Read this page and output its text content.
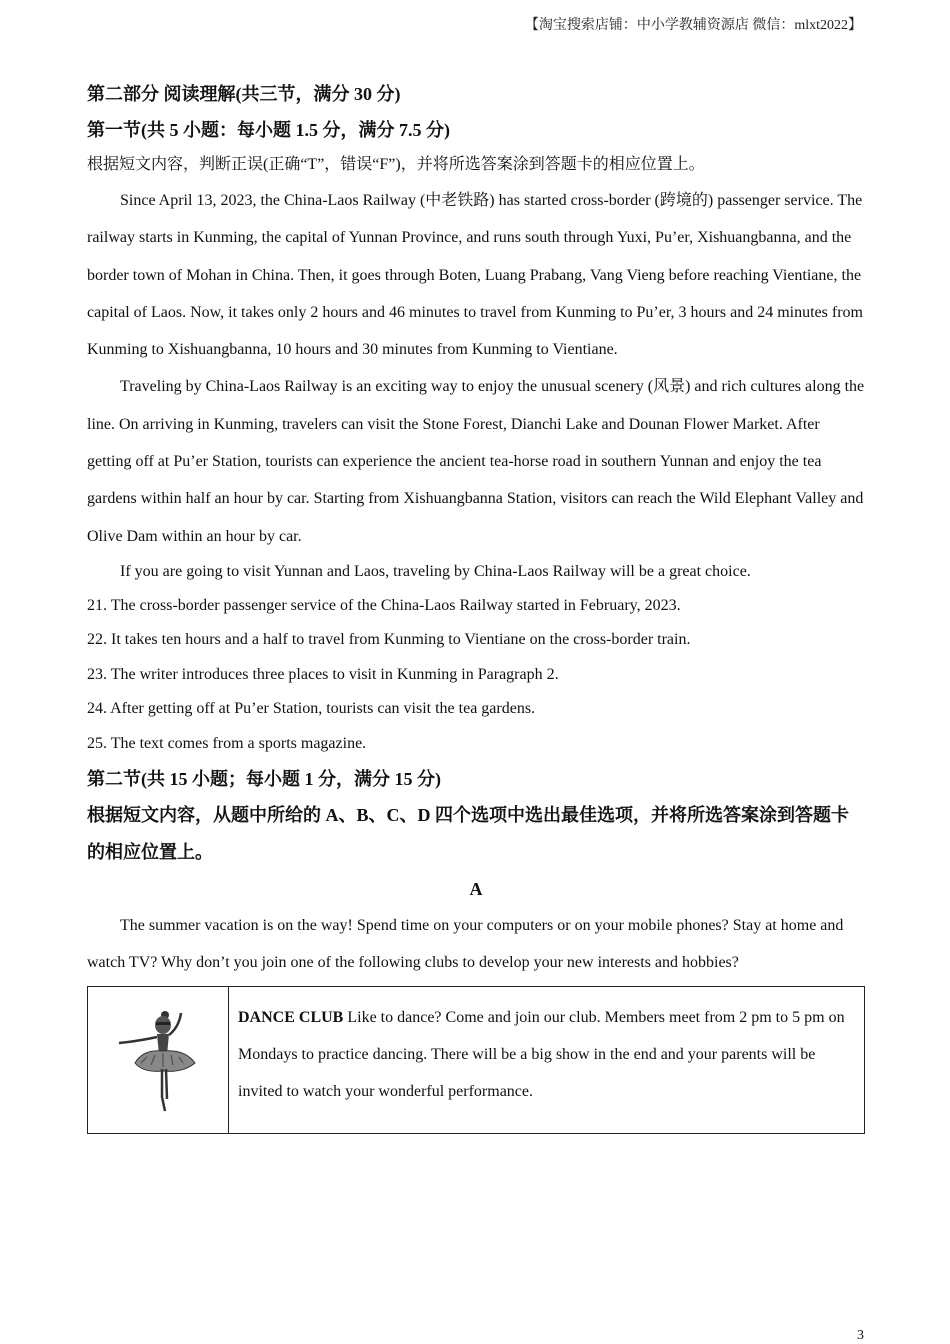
【淘宝搜索店铺：中小学教辅资源店 微信：mlxt2022】
第二部分 阅读理解(共三节，满分 30 分)
第一节(共 5 小题：每小题 1.5 分，满分 7.5 分)
根据短文内容，判断正误(正确“T”，错误“F”)，并将所选答案涂到答题卡的相应位置上。

Since April 13, 2023, the China-Laos Railway (中老铁路) has started cross-border (跨境的) passenger service. The railway starts in Kunming, the capital of Yunnan Province, and runs south through Yuxi, Pu’er, Xishuangbanna, and the border town of Mohan in China. Then, it goes through Boten, Luang Prabang, Vang Vieng before reaching Vientiane, the capital of Laos. Now, it takes only 2 hours and 46 minutes to travel from Kunming to Pu’er, 3 hours and 24 minutes from Kunming to Xishuangbanna, 10 hours and 30 minutes from Kunming to Vientiane.

Traveling by China-Laos Railway is an exciting way to enjoy the unusual scenery (风景) and rich cultures along the line. On arriving in Kunming, travelers can visit the Stone Forest, Dianchi Lake and Dounan Flower Market. After getting off at Pu’er Station, tourists can experience the ancient tea-horse road in southern Yunnan and enjoy the tea gardens within half an hour by car. Starting from Xishuangbanna Station, visitors can reach the Wild Elephant Valley and Olive Dam within an hour by car.

If you are going to visit Yunnan and Laos, traveling by China-Laos Railway will be a great choice.

21. The cross-border passenger service of the China-Laos Railway started in February, 2023.
22. It takes ten hours and a half to travel from Kunming to Vientiane on the cross-border train.
23. The writer introduces three places to visit in Kunming in Paragraph 2.
24. After getting off at Pu’er Station, tourists can visit the tea gardens.
25. The text comes from a sports magazine.
第二节(共 15 小题；每小题 1 分，满分 15 分)
根据短文内容，从题中所给的 A、B、C、D 四个选项中选出最佳选项，并将所选答案涂到答题卡的相应位置上。
A

The summer vacation is on the way! Spend time on your computers or on your mobile phones? Stay at home and watch TV? Why don’t you join one of the following clubs to develop your new interests and hobbies?

DANCE CLUB Like to dance? Come and join our club. Members meet from 2 pm to 5 pm on Mondays to practice dancing. There will be a big show in the end and your parents will be invited to watch your wonderful performance.
3
